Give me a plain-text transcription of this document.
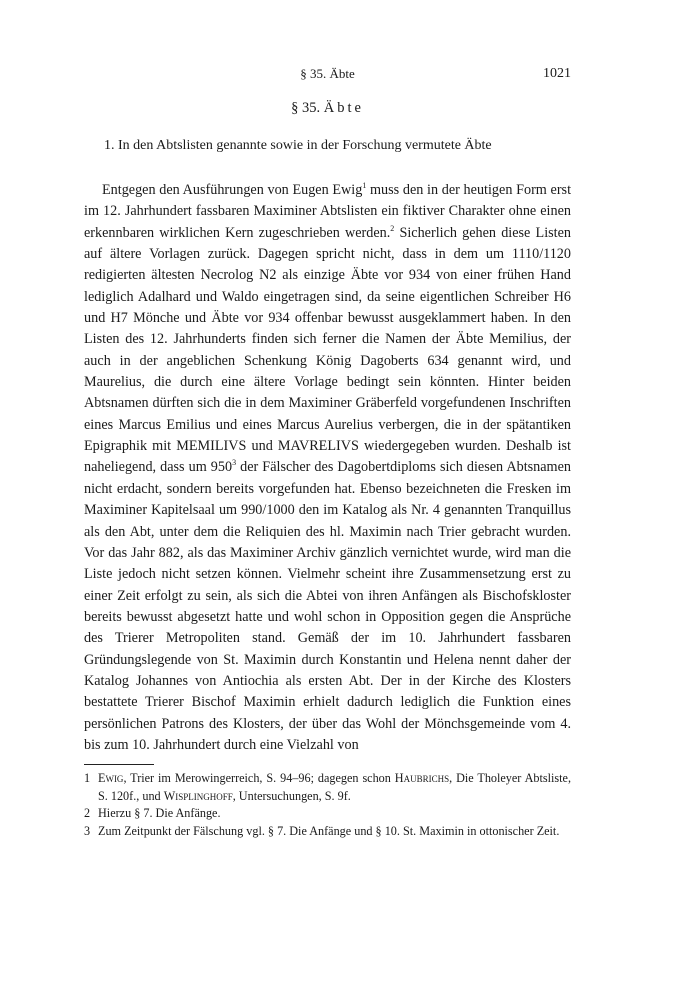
§ 35. Äbte	1021
§ 35. Äbte
1. In den Abtslisten genannte sowie in der Forschung vermutete Äbte

Entgegen den Ausführungen von Eugen Ewig$^1$ muss den in der heutigen Form erst im 12. Jahrhundert fassbaren Maximiner Abtslisten ein fiktiver Charakter ohne einen erkennbaren wirklichen Kern zugeschrieben werden.$^2$ Sicherlich gehen diese Listen auf ältere Vorlagen zurück. Dagegen spricht nicht, dass in dem um 1110/1120 redigierten ältesten Necrolog N2 als einzige Äbte vor 934 von einer frühen Hand lediglich Adalhard und Waldo eingetragen sind, da seine eigentlichen Schreiber H6 und H7 Mönche und Äbte vor 934 offenbar bewusst ausgeklammert haben. In den Listen des 12. Jahrhunderts finden sich ferner die Namen der Äbte Memilius, der auch in der angeblichen Schenkung König Dagoberts 634 genannt wird, und Maurelius, die durch eine ältere Vorlage bedingt sein könnten. Hinter beiden Abtsnamen dürften sich die in dem Maximiner Gräberfeld vorgefundenen Inschriften eines Marcus Emilius und eines Marcus Aurelius verbergen, die in der spätantiken Epigraphik mit MEMILIVS und MAVRELIVS wiedergegeben wurden. Deshalb ist naheliegend, dass um 950$^3$ der Fälscher des Dagobertdiploms sich diesen Abtsnamen nicht erdacht, sondern bereits vorgefunden hat. Ebenso bezeichneten die Fresken im Maximiner Kapitelsaal um 990/1000 den im Katalog als Nr. 4 genannten Tranquillus als den Abt, unter dem die Reliquien des hl. Maximin nach Trier gebracht wurden. Vor das Jahr 882, als das Maximiner Archiv gänzlich vernichtet wurde, wird man die Liste jedoch nicht setzen können. Vielmehr scheint ihre Zusammensetzung erst zu einer Zeit erfolgt zu sein, als sich die Abtei von ihren Anfängen als Bischofskloster bereits bewusst abgesetzt hatte und wohl schon in Opposition gegen die Ansprüche des Trierer Metropoliten stand. Gemäß der im 10. Jahrhundert fassbaren Gründungslegende von St. Maximin durch Konstantin und Helena nennt daher der Katalog Johannes von Antiochia als ersten Abt. Der in der Kirche des Klosters bestattete Trierer Bischof Maximin erhielt dadurch lediglich die Funktion eines persönlichen Patrons des Klosters, der über das Wohl der Mönchsgemeinde vom 4. bis zum 10. Jahrhundert durch eine Vielzahl von

1 Ewig, Trier im Merowingerreich, S. 94–96; dagegen schon Haubrichs, Die Tholeyer Abtsliste, S. 120f., und Wisplinghoff, Untersuchungen, S. 9f.
2 Hierzu § 7. Die Anfänge.
3 Zum Zeitpunkt der Fälschung vgl. § 7. Die Anfänge und § 10. St. Maximin in ottonischer Zeit.
